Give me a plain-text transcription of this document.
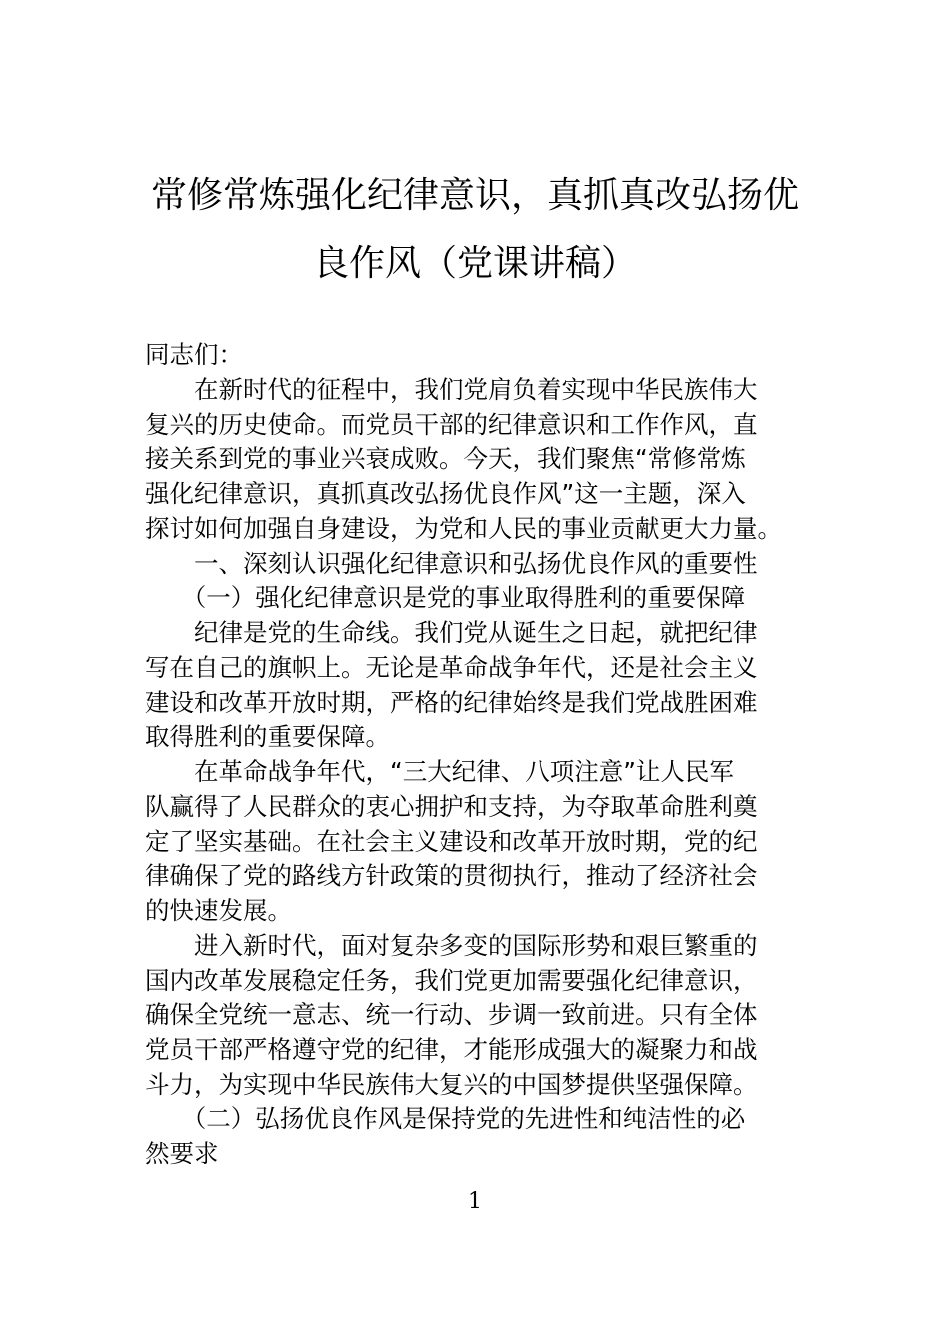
常修常炼强化纪律意识，真抓真改弘扬优
良作风（党课讲稿）
同志们：
　　在新时代的征程中，我们党肩负着实现中华民族伟大
复兴的历史使命。而党员干部的纪律意识和工作作风，直
接关系到党的事业兴衰成败。今天，我们聚焦“常修常炼
强化纪律意识，真抓真改弘扬优良作风”这一主题，深入
探讨如何加强自身建设，为党和人民的事业贡献更大力量。
　　一、深刻认识强化纪律意识和弘扬优良作风的重要性
　　（一）强化纪律意识是党的事业取得胜利的重要保障
　　纪律是党的生命线。我们党从诞生之日起，就把纪律
写在自己的旗帜上。无论是革命战争年代，还是社会主义
建设和改革开放时期，严格的纪律始终是我们党战胜困难
取得胜利的重要保障。
　　在革命战争年代，“三大纪律、八项注意”让人民军
队赢得了人民群众的衷心拥护和支持，为夺取革命胜利奠
定了坚实基础。在社会主义建设和改革开放时期，党的纪
律确保了党的路线方针政策的贯彻执行，推动了经济社会
的快速发展。
　　进入新时代，面对复杂多变的国际形势和艰巨繁重的
国内改革发展稳定任务，我们党更加需要强化纪律意识，
确保全党统一意志、统一行动、步调一致前进。只有全体
党员干部严格遵守党的纪律，才能形成强大的凝聚力和战
斗力，为实现中华民族伟大复兴的中国梦提供坚强保障。
　　（二）弘扬优良作风是保持党的先进性和纯洁性的必
然要求
1
